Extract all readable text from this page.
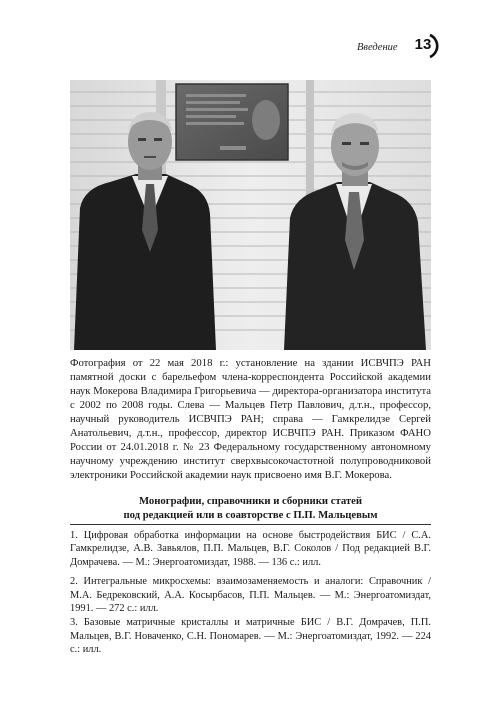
Введение 13
Фотография от 22 мая 2018 г.: установление на здании ИСВЧПЭ РАН памятной доски с барельефом члена-корреспондента Российской академии наук Мокерова Владимира Григорьевича — директора-организатора института с 2002 по 2008 годы. Слева — Мальцев Петр Павлович, д.т.н., профессор, научный руководитель ИСВЧПЭ РАН; справа — Гамкрелидзе Сергей Анатольевич, д.т.н., профессор, директор ИСВЧПЭ РАН. Приказом ФАНО России от 24.01.2018 г. № 23 Федеральному государственному автономному научному учреждению институт сверхвысокочастотной полупроводниковой электроники Российской академии наук присвоено имя В.Г. Мокерова.
Монографии, справочники и сборники статей
под редакцией или в соавторстве с П.П. Мальцевым

1. Цифровая обработка информации на основе быстродействия БИС / С.А. Гамкрелидзе, А.В. Завьялов, П.П. Мальцев, В.Г. Соколов / Под редакцией В.Г. Домрачева. — М.: Энергоатомиздат, 1988. — 136 с.: илл.

2. Интегральные микросхемы: взаимозаменяемость и аналоги: Справочник / М.А. Бедрековский, А.А. Косырбасов, П.П. Мальцев. — М.: Энергоатомиздат, 1991. — 272 с.: илл.

3. Базовые матричные кристаллы и матричные БИС / В.Г. Домрачев, П.П. Мальцев, В.Г. Новаченко, С.Н. Пономарев. — М.: Энергоатомиздат, 1992. — 224 с.: илл.
